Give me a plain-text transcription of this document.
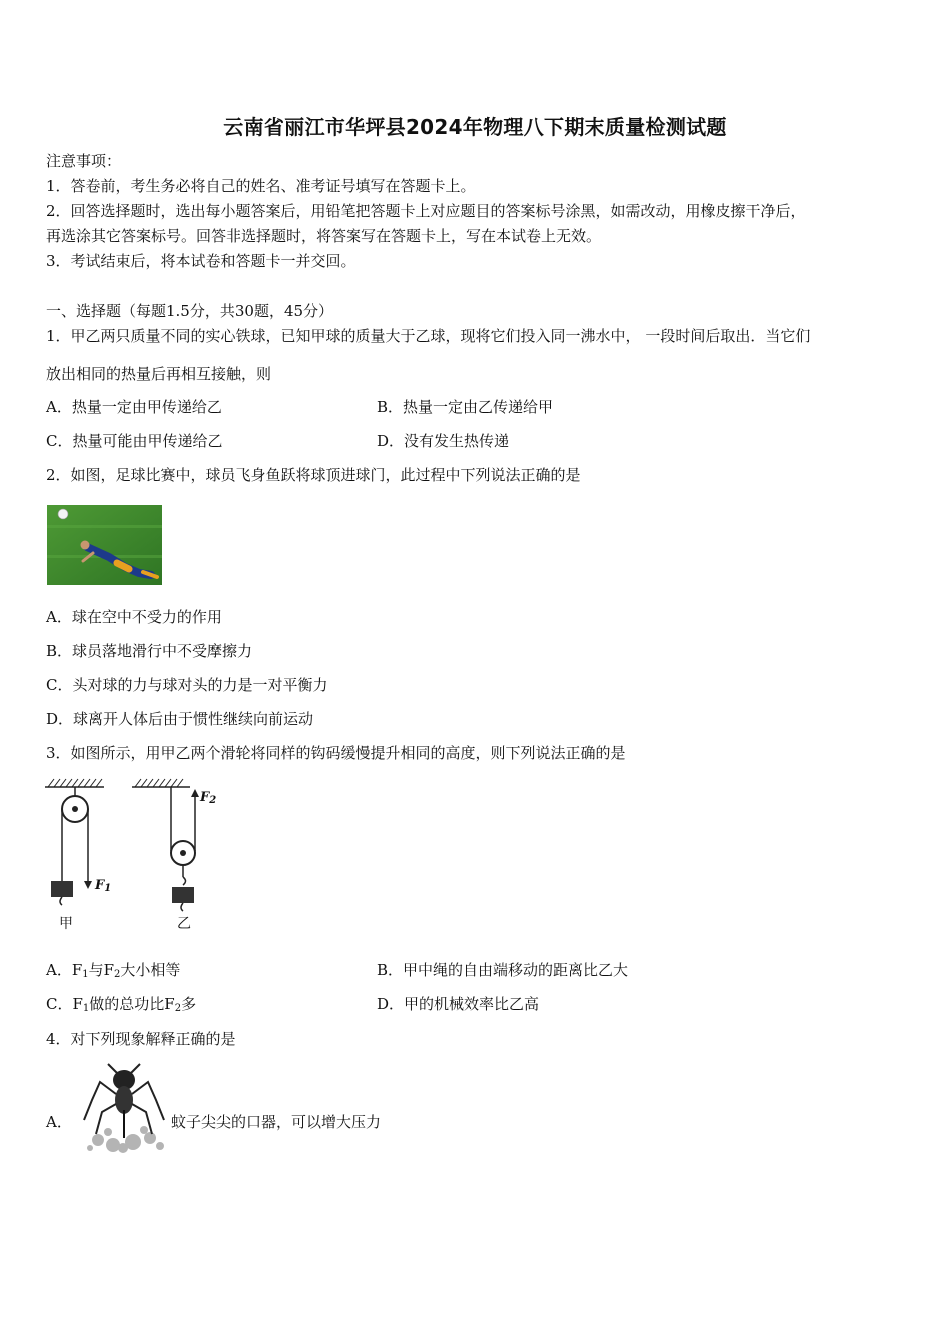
云南省丽江市华坪县2024年物理八下期末质量检测试题
注意事项：
1．答卷前，考生务必将自己的姓名、准考证号填写在答题卡上。
2．回答选择题时，选出每小题答案后，用铅笔把答题卡上对应题目的答案标号涂黑，如需改动，用橡皮擦干净后，
再选涂其它答案标号。回答非选择题时，将答案写在答题卡上，写在本试卷上无效。
3．考试结束后，将本试卷和答题卡一并交回。
一、选择题（每题1.5分，共30题，45分）
1．甲乙两只质量不同的实心铁球，已知甲球的质量大于乙球，现将它们投入同一沸水中， 一段时间后取出．当它们
放出相同的热量后再相互接触，则
A．热量一定由甲传递给乙	B．热量一定由乙传递给甲
C．热量可能由甲传递给乙	D．没有发生热传递
2．如图，足球比赛中，球员飞身鱼跃将球顶进球门，此过程中下列说法正确的是
A．球在空中不受力的作用
B．球员落地滑行中不受摩擦力
C．头对球的力与球对头的力是一对平衡力
D．球离开人体后由于惯性继续向前运动
3．如图所示，用甲乙两个滑轮将同样的钩码缓慢提升相同的高度，则下列说法正确的是
$F_1$
$F_2$
甲	乙
A．$F_1$与$F_2$大小相等	B．甲中绳的自由端移动的距离比乙大
C．$F_1$做的总功比$F_2$多	D．甲的机械效率比乙高
4．对下列现象解释正确的是
A．	蚊子尖尖的口器，可以增大压力
